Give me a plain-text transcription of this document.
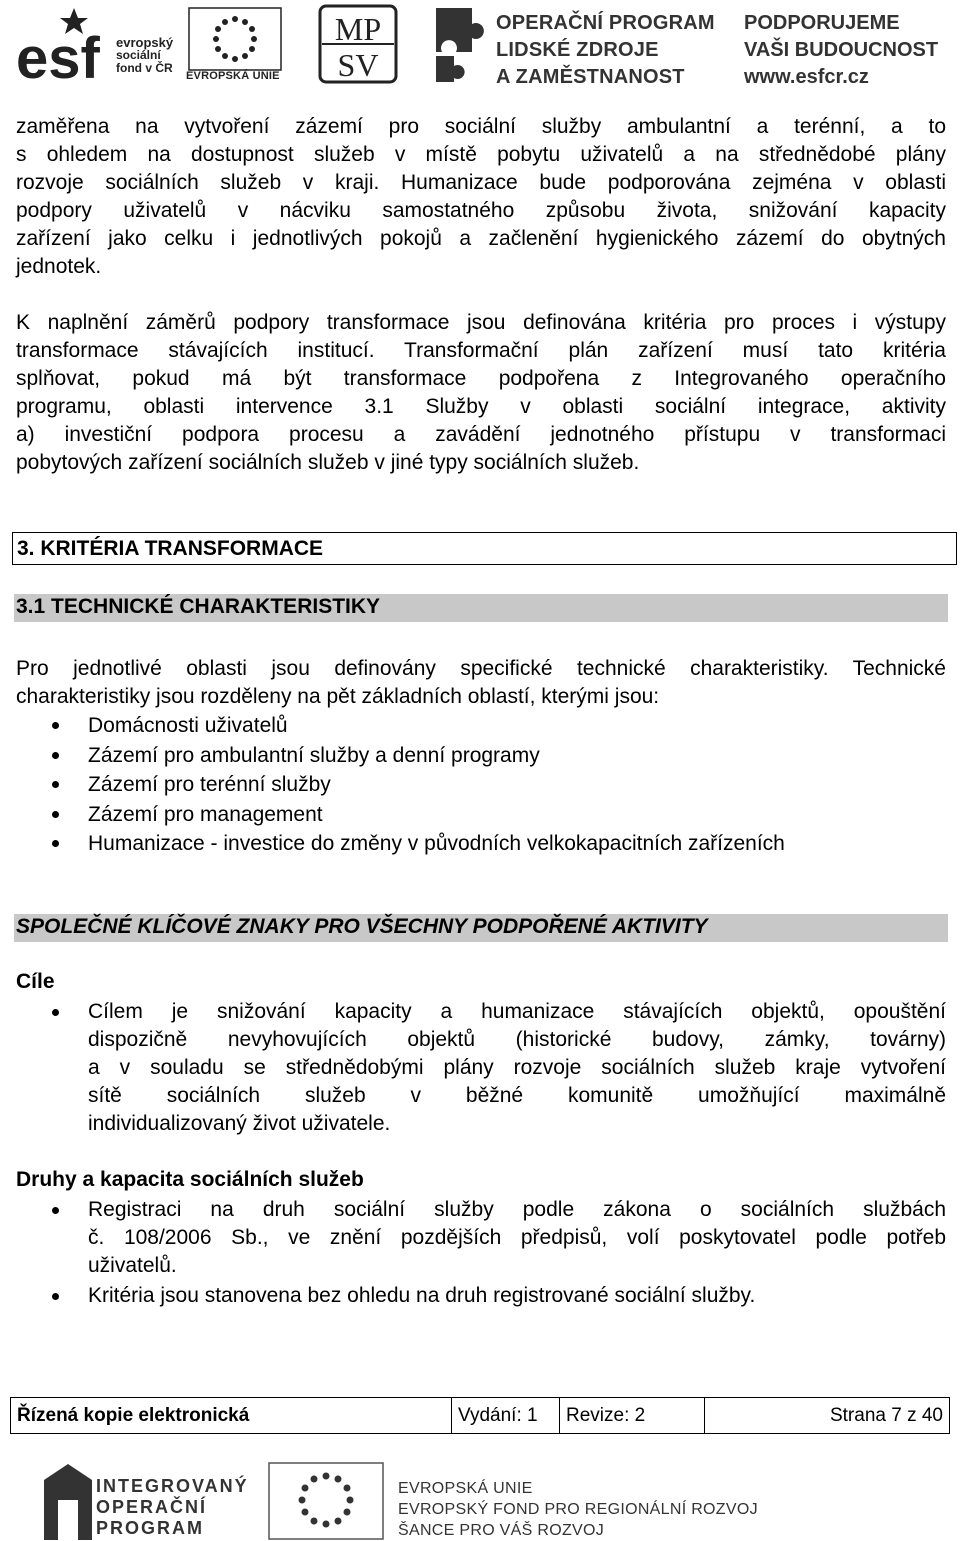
esf evropský
sociální
fond v ČR
EVROPSKÁ UNIE
MP
SV
OPERAČNÍ PROGRAM
LIDSKÉ ZDROJE
A ZAMĚSTNANOST
PODPORUJEME
VAŠI BUDOUCNOST
www.esfcr.cz
zaměřena na vytvoření zázemí pro sociální služby ambulantní a terénní, a to
s ohledem na dostupnost služeb v místě pobytu uživatelů a na střednědobé plány
rozvoje sociálních služeb v kraji. Humanizace bude podporována zejména v oblasti
podpory uživatelů v nácviku samostatného způsobu života, snižování kapacity
zařízení jako celku i jednotlivých pokojů a začlenění hygienického zázemí do obytných
jednotek.
K naplnění záměrů podpory transformace jsou definována kritéria pro proces i výstupy
transformace stávajících institucí. Transformační plán zařízení musí tato kritéria
splňovat, pokud má být transformace podpořena z Integrovaného operačního
programu, oblasti intervence 3.1 Služby v oblasti sociální integrace, aktivity
a) investiční podpora procesu a zavádění jednotného přístupu v transformaci
pobytových zařízení sociálních služeb v jiné typy sociálních služeb.
3. KRITÉRIA TRANSFORMACE
3.1 TECHNICKÉ CHARAKTERISTIKY
Pro jednotlivé oblasti jsou definovány specifické technické charakteristiky. Technické
charakteristiky jsou rozděleny na pět základních oblastí, kterými jsou:
Domácnosti uživatelů
Zázemí pro ambulantní služby a denní programy
Zázemí pro terénní služby
Zázemí pro management
Humanizace - investice do změny v původních velkokapacitních zařízeních
SPOLEČNÉ KLÍČOVÉ ZNAKY PRO VŠECHNY PODPOŘENÉ AKTIVITY
Cíle
Cílem je snižování kapacity a humanizace stávajících objektů, opouštění
dispozičně nevyhovujících objektů (historické budovy, zámky, továrny)
a v souladu se střednědobými plány rozvoje sociálních služeb kraje vytvoření
sítě sociálních služeb v běžné komunitě umožňující maximálně
individualizovaný život uživatele.
Druhy a kapacita sociálních služeb
Registraci na druh sociální služby podle zákona o sociálních službách
č. 108/2006 Sb., ve znění pozdějších předpisů, volí poskytovatel podle potřeb
uživatelů.
Kritéria jsou stanovena bez ohledu na druh registrované sociální služby.
Řízená kopie elektronická	Vydání: 1	Revize: 2	Strana 7 z 40
INTEGROVANÝ
OPERAČNÍ
PROGRAM
EVROPSKÁ UNIE
EVROPSKÝ FOND PRO REGIONÁLNÍ ROZVOJ
ŠANCE PRO VÁŠ ROZVOJ
